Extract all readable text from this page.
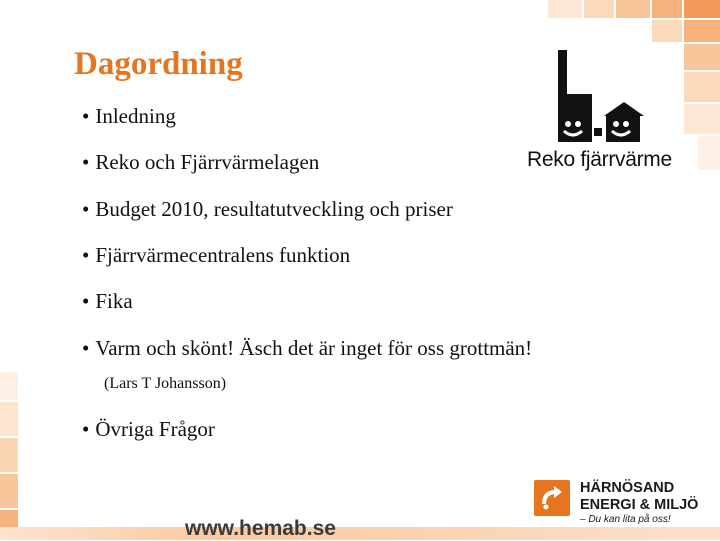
Dagordning
• Inledning
• Reko och Fjärrvärmelagen
• Budget 2010, resultatutveckling och priser
• Fjärrvärmecentralens funktion
• Fika
• Varm och skönt! Äsch det är inget för oss grottmän!
• Övriga Frågor
(Lars T Johansson)
Reko fjärrvärme
www.hemab.se
HÄRNÖSAND
ENERGI & MILJÖ
– Du kan lita på oss!
